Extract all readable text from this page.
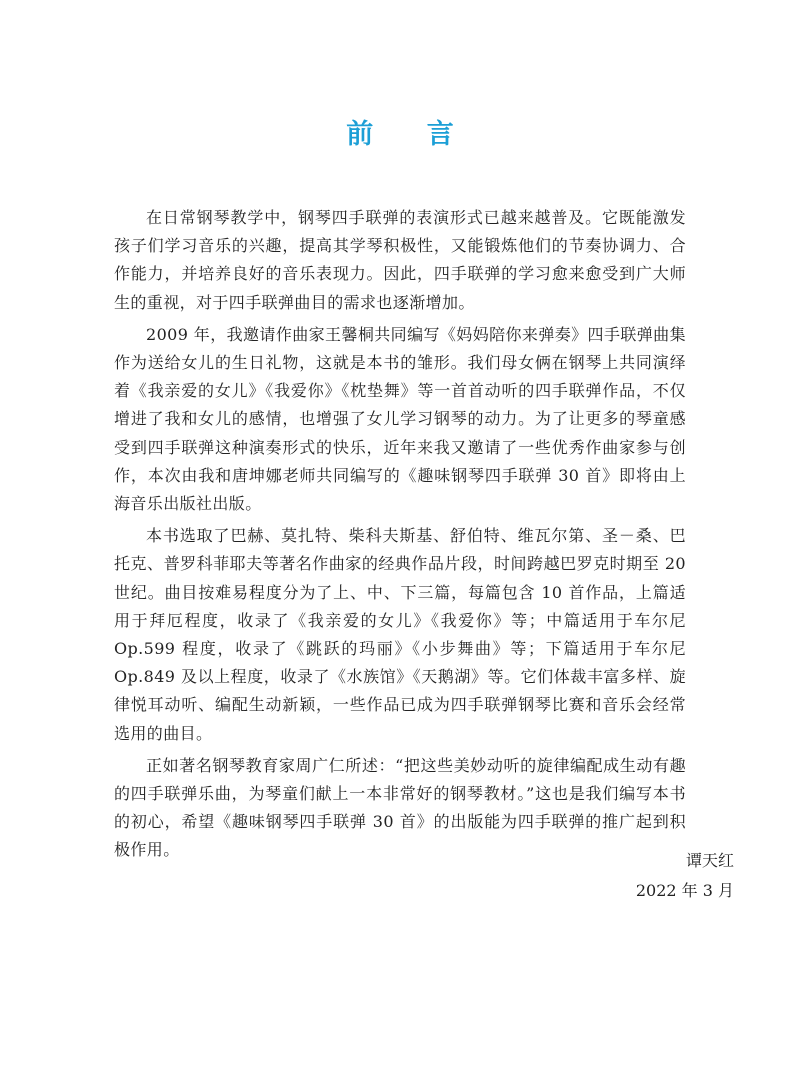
前 言

在日常钢琴教学中，钢琴四手联弹的表演形式已越来越普及。它既能激发孩子们学习音乐的兴趣，提高其学琴积极性，又能锻炼他们的节奏协调力、合作能力，并培养良好的音乐表现力。因此，四手联弹的学习愈来愈受到广大师生的重视，对于四手联弹曲目的需求也逐渐增加。

2009 年，我邀请作曲家王馨桐共同编写《妈妈陪你来弹奏》四手联弹曲集作为送给女儿的生日礼物，这就是本书的雏形。我们母女俩在钢琴上共同演绎着《我亲爱的女儿》《我爱你》《枕垫舞》等一首首动听的四手联弹作品，不仅增进了我和女儿的感情，也增强了女儿学习钢琴的动力。为了让更多的琴童感受到四手联弹这种演奏形式的快乐，近年来我又邀请了一些优秀作曲家参与创作，本次由我和唐坤娜老师共同编写的《趣味钢琴四手联弹 30 首》即将由上海音乐出版社出版。

本书选取了巴赫、莫扎特、柴科夫斯基、舒伯特、维瓦尔第、圣－桑、巴托克、普罗科菲耶夫等著名作曲家的经典作品片段，时间跨越巴罗克时期至 20 世纪。曲目按难易程度分为了上、中、下三篇，每篇包含 10 首作品，上篇适用于拜厄程度，收录了《我亲爱的女儿》《我爱你》等；中篇适用于车尔尼 Op.599 程度，收录了《跳跃的玛丽》《小步舞曲》等；下篇适用于车尔尼 Op.849 及以上程度，收录了《水族馆》《天鹅湖》等。它们体裁丰富多样、旋律悦耳动听、编配生动新颖，一些作品已成为四手联弹钢琴比赛和音乐会经常选用的曲目。

正如著名钢琴教育家周广仁所述：“把这些美妙动听的旋律编配成生动有趣的四手联弹乐曲，为琴童们献上一本非常好的钢琴教材。”这也是我们编写本书的初心，希望《趣味钢琴四手联弹 30 首》的出版能为四手联弹的推广起到积极作用。

谭天红
2022 年 3 月
